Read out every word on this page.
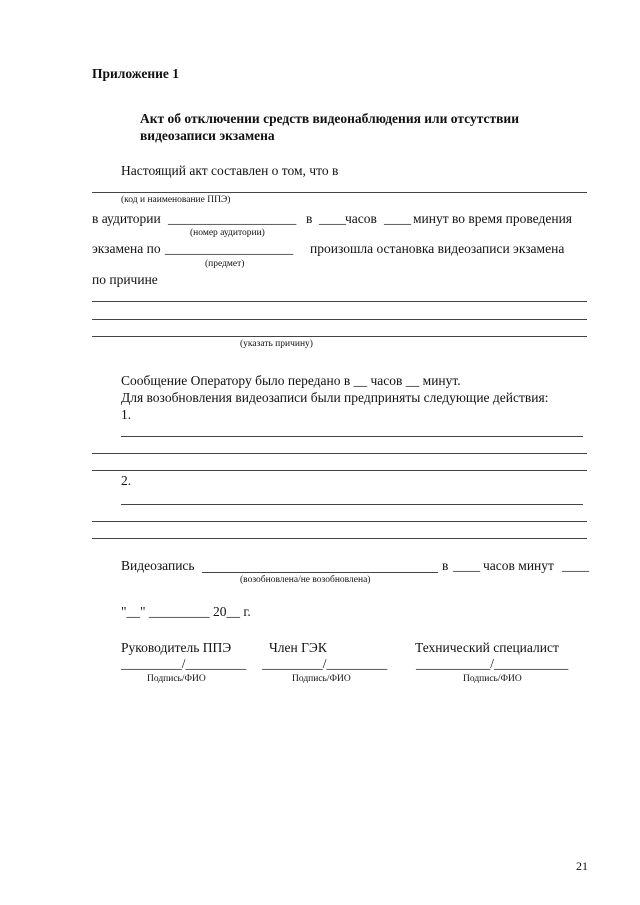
Приложение 1
Акт об отключении средств видеонаблюдения или отсутствии
видеозаписи экзамена
Настоящий акт составлен о том, что в
(код и наименование ППЭ)
в аудитории ___________________ в ____ часов ____ минут во время проведения
(номер аудитории)
экзамена по ___________________ произошла остановка видеозаписи экзамена
(предмет)
по причине
(указать причину)
Сообщение Оператору было передано в __ часов __ минут.
Для возобновления видеозаписи были предприняты следующие действия:
1.
2.
Видеозапись	в ____ часов минут ____
(возобновлена/не возобновлена)
"__" _________ 20__ г.
Руководитель ППЭ	Член ГЭК	Технический специалист
_________/_________ _________/_________ ___________/___________
Подпись/ФИО	Подпись/ФИО	Подпись/ФИО
21
